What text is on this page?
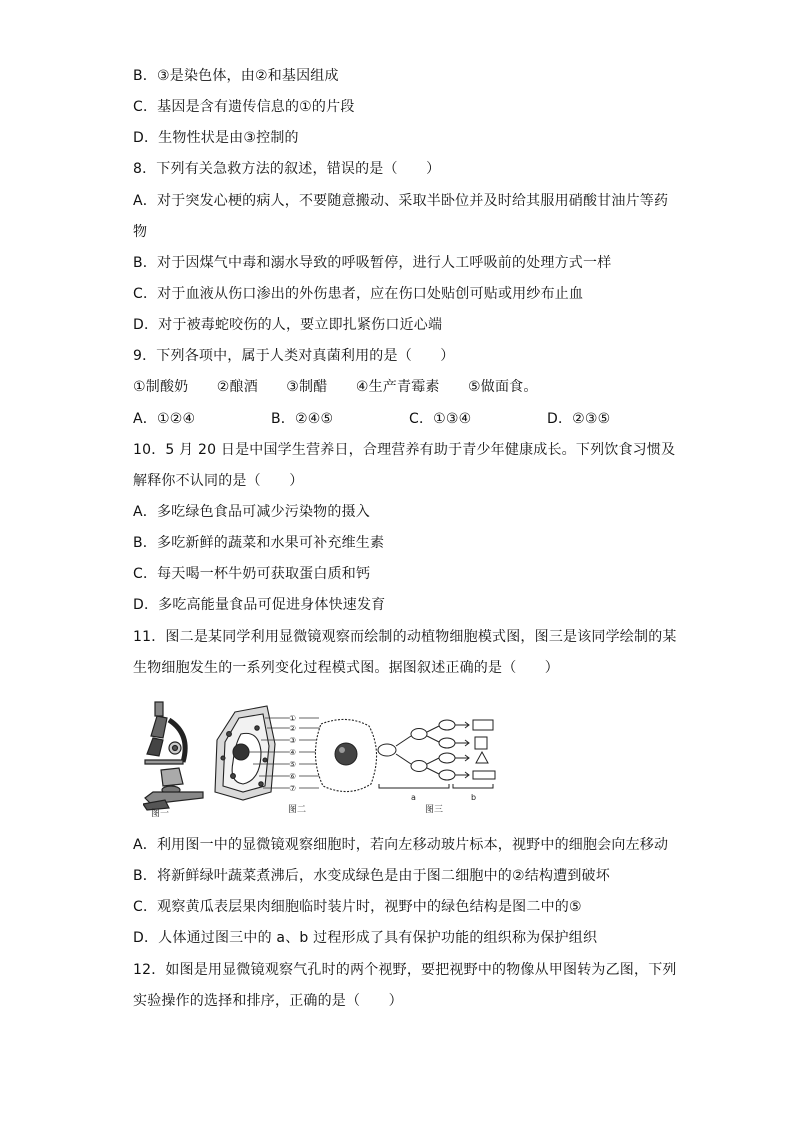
B．③是染色体，由②和基因组成
C．基因是含有遗传信息的①的片段
D．生物性状是由③控制的
8．下列有关急救方法的叙述，错误的是（　　）
A．对于突发心梗的病人，不要随意搬动、采取半卧位并及时给其服用硝酸甘油片等药
物
B．对于因煤气中毒和溺水导致的呼吸暂停，进行人工呼吸前的处理方式一样
C．对于血液从伤口渗出的外伤患者，应在伤口处贴创可贴或用纱布止血
D．对于被毒蛇咬伤的人，要立即扎紧伤口近心端
9．下列各项中，属于人类对真菌利用的是（　　）
①制酸奶　　②酿酒　　③制醋　　④生产青霉素　　⑤做面食。
A．①②④	B．②④⑤	C．①③④	D．②③⑤
10．5 月 20 日是中国学生营养日，合理营养有助于青少年健康成长。下列饮食习惯及
解释你不认同的是（　　）
A．多吃绿色食品可减少污染物的摄入
B．多吃新鲜的蔬菜和水果可补充维生素
C．每天喝一杯牛奶可获取蛋白质和钙
D．多吃高能量食品可促进身体快速发育
11．图二是某同学利用显微镜观察而绘制的动植物细胞模式图，图三是该同学绘制的某
生物细胞发生的一系列变化过程模式图。据图叙述正确的是（　　）
图一
①
②
③
④
⑤
⑥
⑦
图二
a	b
图三
A．利用图一中的显微镜观察细胞时，若向左移动玻片标本，视野中的细胞会向左移动
B．将新鲜绿叶蔬菜煮沸后，水变成绿色是由于图二细胞中的②结构遭到破坏
C．观察黄瓜表层果肉细胞临时装片时，视野中的绿色结构是图二中的⑤
D．人体通过图三中的 a、b 过程形成了具有保护功能的组织称为保护组织
12．如图是用显微镜观察气孔时的两个视野，要把视野中的物像从甲图转为乙图，下列
实验操作的选择和排序，正确的是（　　）
